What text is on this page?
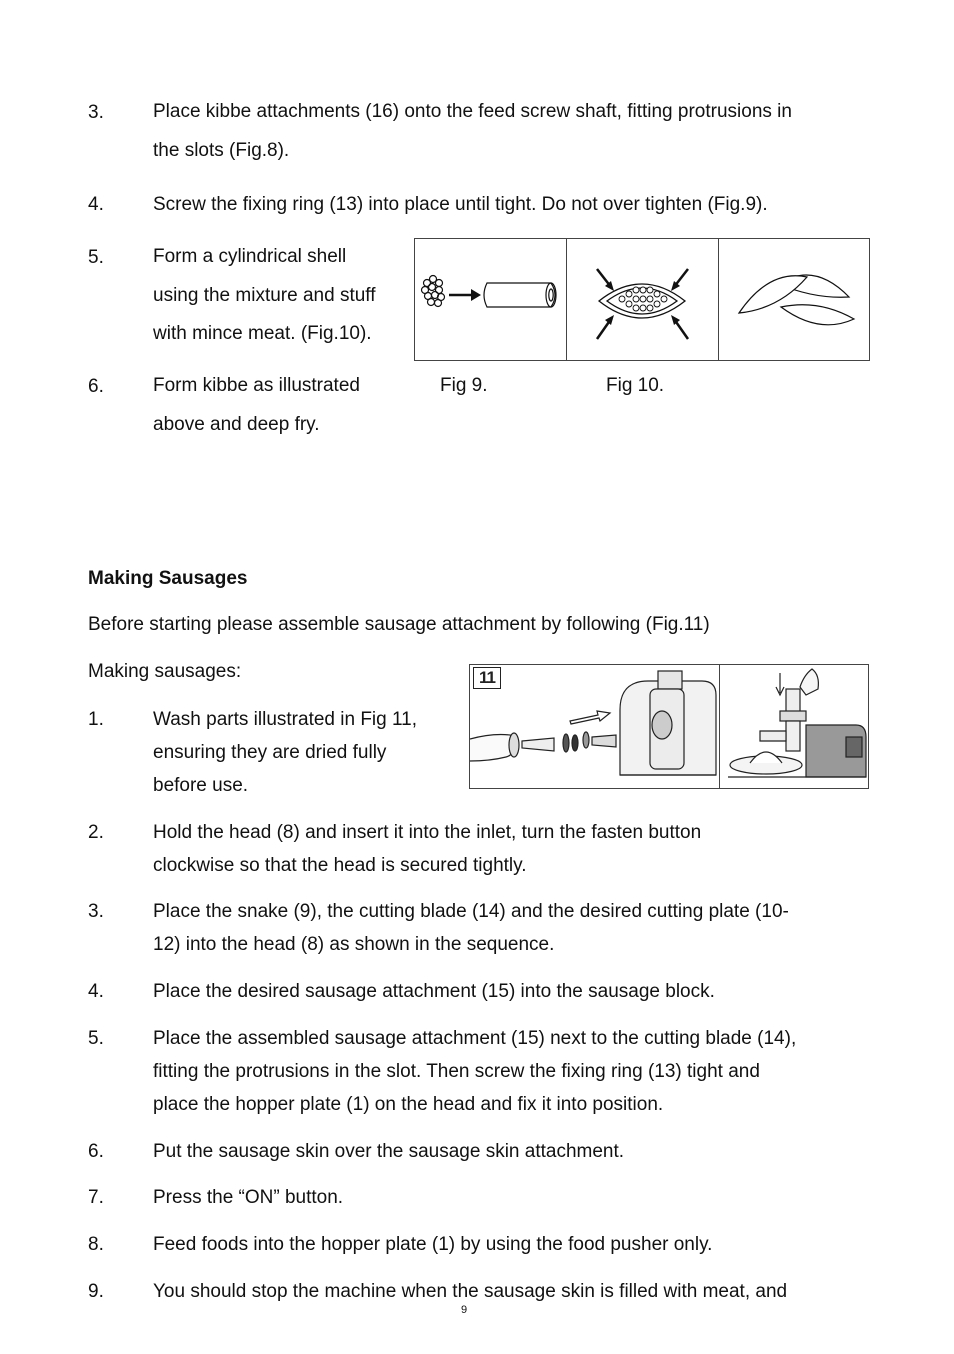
3.	Place kibbe attachments (16) onto the feed screw shaft, fitting protrusions in
the slots (Fig.8).
4.	Screw the fixing ring (13) into place until tight. Do not over tighten (Fig.9).
5.	Form a cylindrical shell
using the mixture and stuff
with mince meat. (Fig.10).
6.	Form kibbe as illustrated
above and deep fry.
Fig 9.	Fig 10.
Making Sausages
Before starting please assemble sausage attachment by following (Fig.11)
Making sausages:	11
1.	Wash parts illustrated in Fig 11,
ensuring they are dried fully
before use.
2.	Hold the head (8) and insert it into the inlet, turn the fasten button
clockwise so that the head is secured tightly.
3.	Place the snake (9), the cutting blade (14) and the desired cutting plate (10-
12) into the head (8) as shown in the sequence.
4.	Place the desired sausage attachment (15) into the sausage block.
5.	Place the assembled sausage attachment (15) next to the cutting blade (14),
fitting the protrusions in the slot. Then screw the fixing ring (13) tight and
place the hopper plate (1) on the head and fix it into position.
6.	Put the sausage skin over the sausage skin attachment.
7.	Press the “ON” button.
8.	Feed foods into the hopper plate (1) by using the food pusher only.
9.	You should stop the machine when the sausage skin is filled with meat, and
9
